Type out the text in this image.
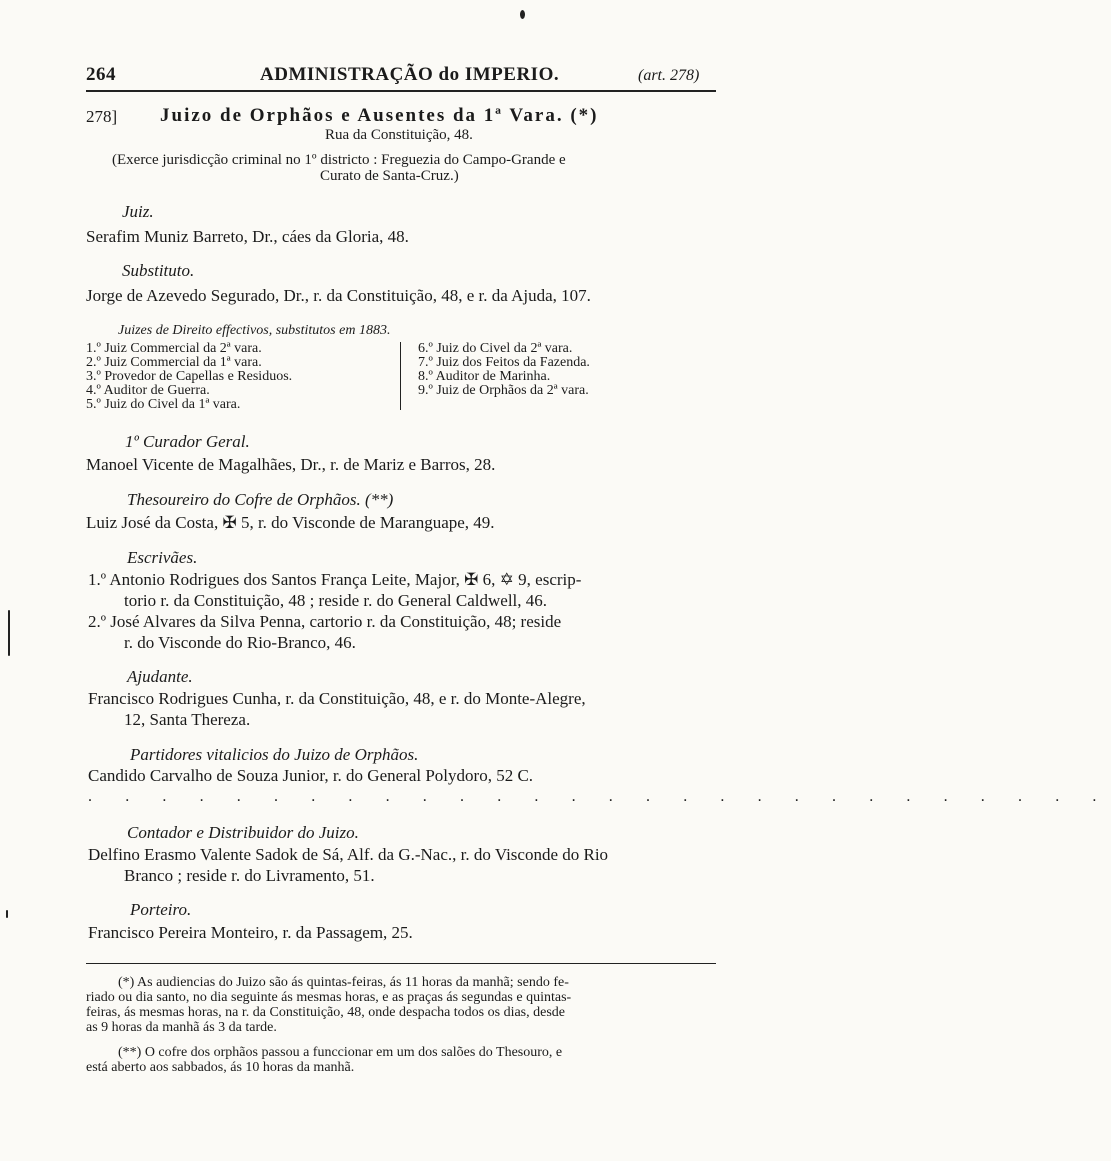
264	ADMINISTRAÇÃO do IMPERIO.	(art. 278)
278] Juizo de Orphãos e Ausentes da 1ª Vara. (*)
Rua da Constituição, 48.
(Exerce jurisdicção criminal no 1º districto : Freguezia do Campo-Grande e
Curato de Santa-Cruz.)
Juiz.
Serafim Muniz Barreto, Dr., cáes da Gloria, 48.
Substituto.
Jorge de Azevedo Segurado, Dr., r. da Constituição, 48, e r. da Ajuda, 107.
Juizes de Direito effectivos, substitutos em 1883.
1.º Juiz Commercial da 2ª vara.
2.º Juiz Commercial da 1ª vara.
3.º Provedor de Capellas e Residuos.
4.º Auditor de Guerra.
5.º Juiz do Civel da 1ª vara.
6.º Juiz do Civel da 2ª vara.
7.º Juiz dos Feitos da Fazenda.
8.º Auditor de Marinha.
9.º Juiz de Orphãos da 2ª vara.
1º Curador Geral.
Manoel Vicente de Magalhães, Dr., r. de Mariz e Barros, 28.
Thesoureiro do Cofre de Orphãos. (**)
Luiz José da Costa, ✠ 5, r. do Visconde de Maranguape, 49.
Escrivães.
1.º Antonio Rodrigues dos Santos França Leite, Major, ✠ 6, ✡ 9, escrip-
torio r. da Constituição, 48 ; reside r. do General Caldwell, 46.
2.º José Alvares da Silva Penna, cartorio r. da Constituição, 48; reside
r. do Visconde do Rio-Branco, 46.
Ajudante.
Francisco Rodrigues Cunha, r. da Constituição, 48, e r. do Monte-Alegre,
12, Santa Thereza.
Partidores vitalicios do Juizo de Orphãos.
Candido Carvalho de Souza Junior, r. do General Polydoro, 52 C.
. . . . . . . . . . . . . . . . . . . . . . . . . . . .
Contador e Distribuidor do Juizo.
Delfino Erasmo Valente Sadok de Sá, Alf. da G.-Nac., r. do Visconde do Rio
Branco ; reside r. do Livramento, 51.
Porteiro.
Francisco Pereira Monteiro, r. da Passagem, 25.
(*) As audiencias do Juizo são ás quintas-feiras, ás 11 horas da manhã; sendo fe-
riado ou dia santo, no dia seguinte ás mesmas horas, e as praças ás segundas e quintas-
feiras, ás mesmas horas, na r. da Constituição, 48, onde despacha todos os dias, desde
as 9 horas da manhã ás 3 da tarde.
(**) O cofre dos orphãos passou a funccionar em um dos salões do Thesouro, e
está aberto aos sabbados, ás 10 horas da manhã.
